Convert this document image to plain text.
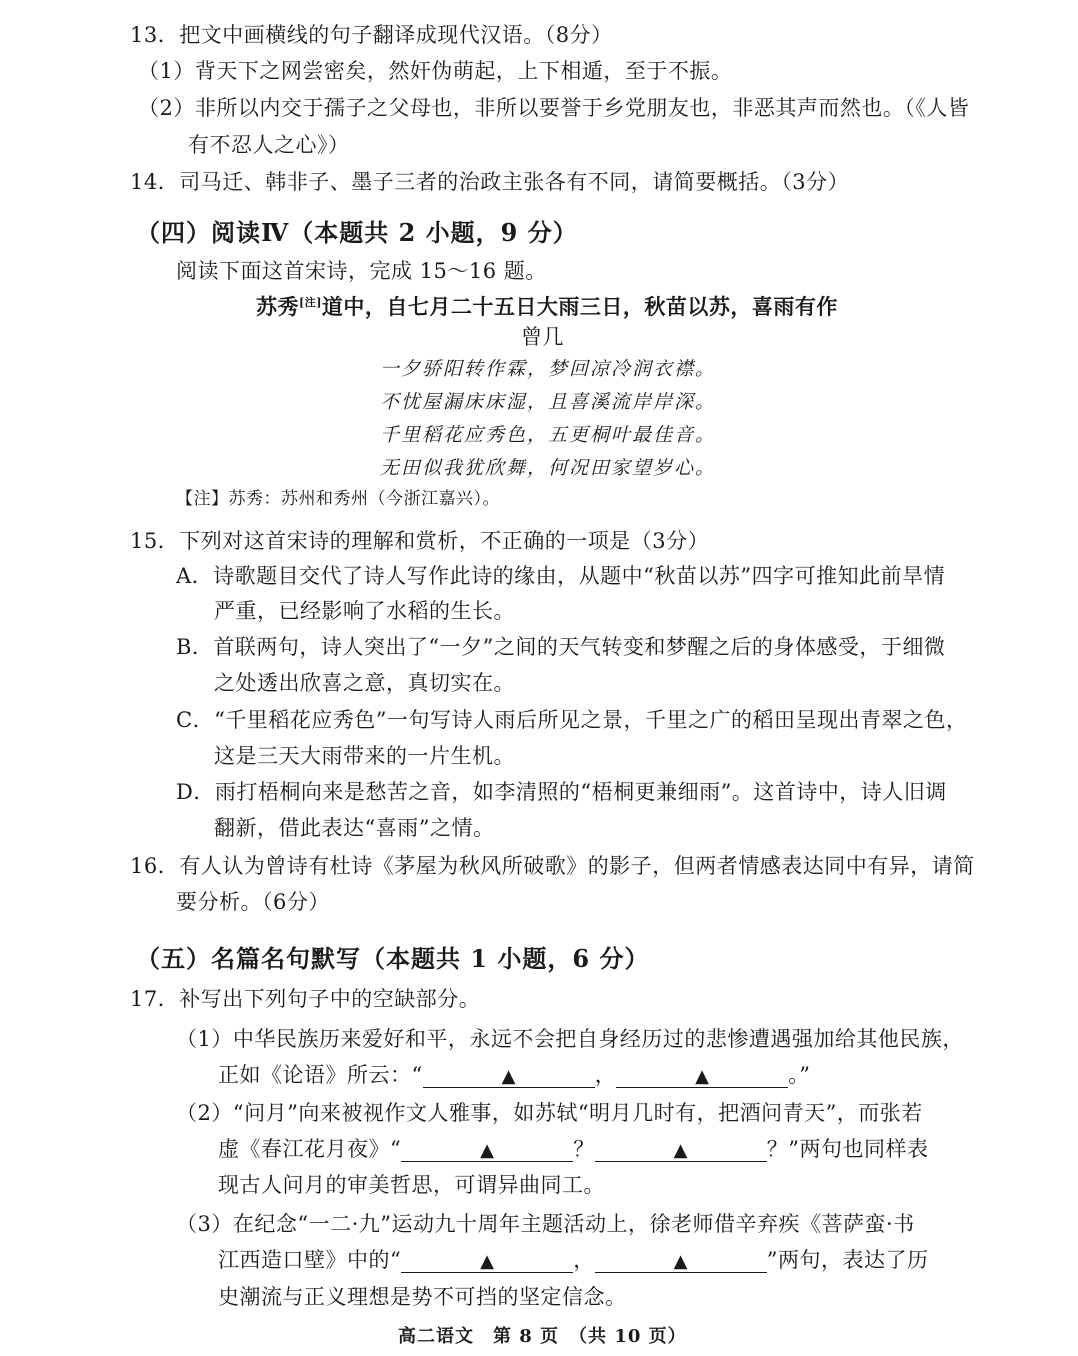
13．把文中画横线的句子翻译成现代汉语。（8分）
（1）背天下之网尝密矣，然奸伪萌起，上下相遁，至于不振。
（2）非所以内交于孺子之父母也，非所以要誉于乡党朋友也，非恶其声而然也。（《人皆
有不忍人之心》）
14．司马迁、韩非子、墨子三者的治政主张各有不同，请简要概括。（3分）
（四）阅读Ⅳ（本题共 2 小题，9 分）
阅读下面这首宋诗，完成 15～16 题。
苏秀[注]道中，自七月二十五日大雨三日，秋苗以苏，喜雨有作
曾几
一夕骄阳转作霖，梦回凉冷润衣襟。
不忧屋漏床床湿，且喜溪流岸岸深。
千里稻花应秀色，五更桐叶最佳音。
无田似我犹欣舞，何况田家望岁心。
【注】苏秀：苏州和秀州（今浙江嘉兴）。
15．下列对这首宋诗的理解和赏析，不正确的一项是（3分）
A．诗歌题目交代了诗人写作此诗的缘由，从题中“秋苗以苏”四字可推知此前旱情
严重，已经影响了水稻的生长。
B．首联两句，诗人突出了“一夕”之间的天气转变和梦醒之后的身体感受，于细微
之处透出欣喜之意，真切实在。
C．“千里稻花应秀色”一句写诗人雨后所见之景，千里之广的稻田呈现出青翠之色，
这是三天大雨带来的一片生机。
D．雨打梧桐向来是愁苦之音，如李清照的“梧桐更兼细雨”。这首诗中，诗人旧调
翻新，借此表达“喜雨”之情。
16．有人认为曾诗有杜诗《茅屋为秋风所破歌》的影子，但两者情感表达同中有异，请简
要分析。（6分）
（五）名篇名句默写（本题共 1 小题，6 分）
17．补写出下列句子中的空缺部分。
（1）中华民族历来爱好和平，永远不会把自身经历过的悲惨遭遇强加给其他民族，
正如《论语》所云：“	▲	，	▲	。”
（2）“问月”向来被视作文人雅事，如苏轼“明月几时有，把酒问青天”，而张若
虚《春江花月夜》“	▲	？	▲	？”两句也同样表
现古人问月的审美哲思，可谓异曲同工。
（3）在纪念“一二·九”运动九十周年主题活动上，徐老师借辛弃疾《菩萨蛮·书
江西造口壁》中的“	▲	，	▲	”两句，表达了历
史潮流与正义理想是势不可挡的坚定信念。
高二语文　第 8 页　（共 10 页）
